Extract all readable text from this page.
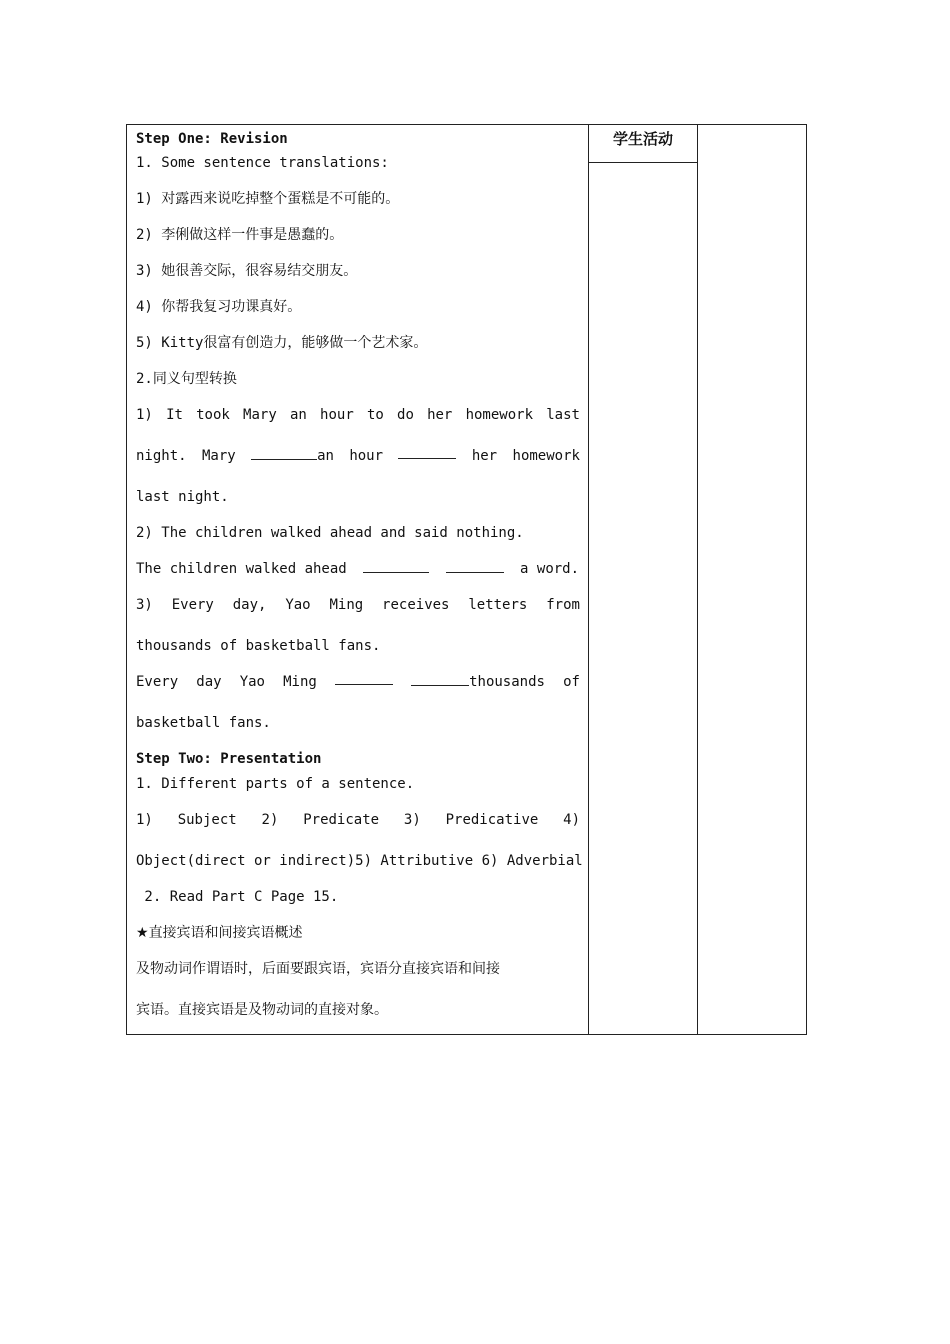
Step One: Revision
1. Some sentence translations:
1) 对露西来说吃掉整个蛋糕是不可能的。
2) 李俐做这样一件事是愚蠢的。
3) 她很善交际，很容易结交朋友。
4) 你帮我复习功课真好。
5) Kitty很富有创造力，能够做一个艺术家。
2.同义句型转换
1) It took Mary an hour to do her homework last
night. Mary	an hour	her homework
last night.
2) The children walked ahead and said nothing.
The children walked ahead	a word.
3) Every day, Yao Ming receives letters from
thousands of basketball fans.
Every day Yao Ming	thousands of
basketball fans.
Step Two: Presentation
1. Different parts of a sentence.
1) Subject 2) Predicate 3) Predicative 4)
Object(direct or indirect)5) Attributive 6) Adverbial
2. Read Part C Page 15.
★直接宾语和间接宾语概述
及物动词作谓语时，后面要跟宾语，宾语分直接宾语和间接
宾语。直接宾语是及物动词的直接对象。
学生活动
